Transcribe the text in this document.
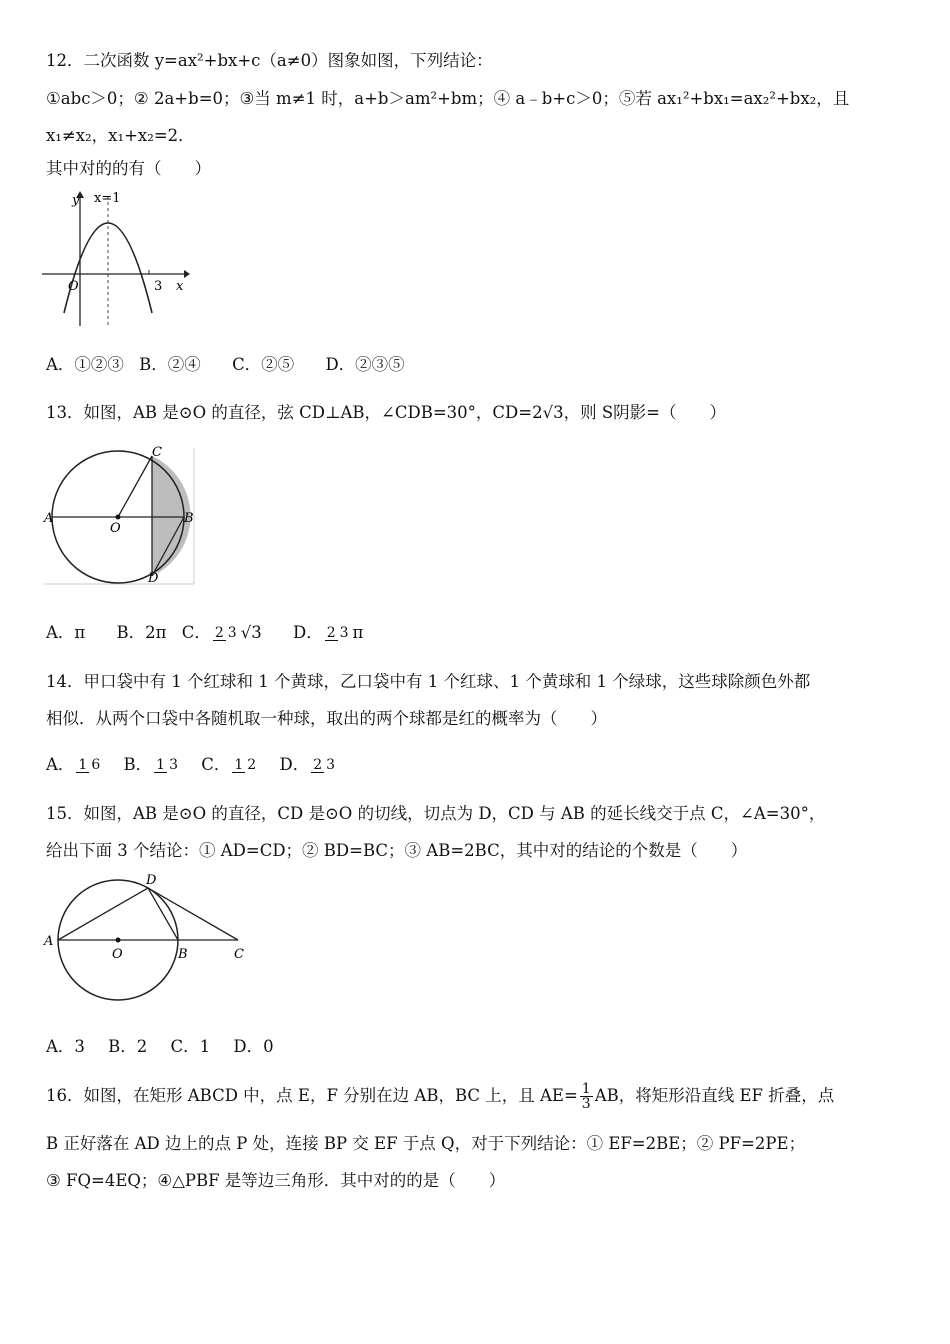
12．二次函数 y=ax²+bx+c（a≠0）图象如图，下列结论：
①abc＞0；② 2a+b=0；③当 m≠1 时，a+b＞am²+bm；④ a﹣b+c＞0；⑤若 ax₁²+bx₁=ax₂²+bx₂，且
x₁≠x₂，x₁+x₂=2．
其中对的的有（　　）
y x=1
O	3 x
A．①②③ B．②④ C．②⑤ D．②③⑤
13．如图，AB 是⊙O 的直径，弦 CD⊥AB，∠CDB=30°，CD=2√3，则 S阴影=（　　）
A	B
C
D
O
A．π B．2π C． 2 3 √3 D． 2 3 π
14．甲口袋中有 1 个红球和 1 个黄球，乙口袋中有 1 个红球、1 个黄球和 1 个绿球，这些球除颜色外都
相似．从两个口袋中各随机取一种球，取出的两个球都是红的概率为（　　）
A． 1 6 B． 1 3 C． 1 2 D． 2 3
15．如图，AB 是⊙O 的直径，CD 是⊙O 的切线，切点为 D，CD 与 AB 的延长线交于点 C，∠A=30°，
给出下面 3 个结论：① AD=CD；② BD=BC；③ AB=2BC，其中对的结论的个数是（　　）
A
O	B	C
D
A．3 B．2 C．1 D．0
16．如图，在矩形 ABCD 中，点 E，F 分别在边 AB，BC 上，且 $AE= \frac{1}{3}$ AB，将矩形沿直线 EF 折叠，点
B 正好落在 AD 边上的点 P 处，连接 BP 交 EF 于点 Q，对于下列结论：① EF=2BE；② PF=2PE；
③ FQ=4EQ；④△PBF 是等边三角形．其中对的的是（　　）
